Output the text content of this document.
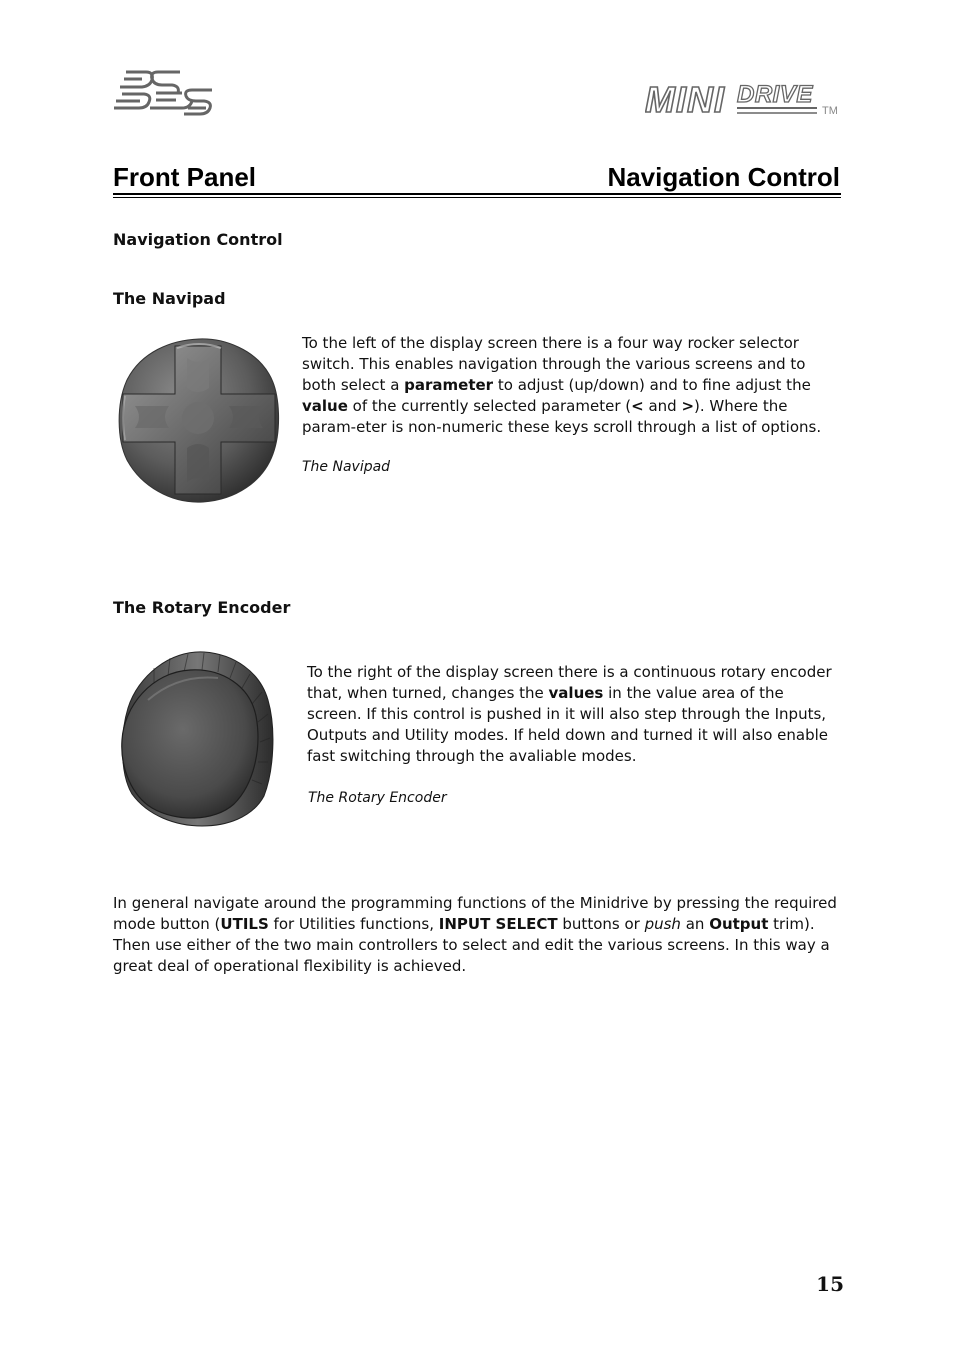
MINI DRIVE
TM
Front Panel	Navigation Control
Navigation Control
The Navipad
To the left of the display screen there is a four way rocker selector switch. This enables navigation through the various screens and to both select a parameter to adjust (up/down) and to fine adjust the value of the currently selected parameter (< and >). Where the param-eter is non-numeric these keys scroll through a list of options.
The Navipad
The Rotary Encoder
To the right of the display screen there is a continuous rotary encoder that, when turned, changes the values in the value area of the screen. If this control is pushed in it will also step through the Inputs, Outputs and Utility modes. If held down and turned it will also enable fast switching through the avaliable modes.
The Rotary Encoder
In general navigate around the programming functions of the Minidrive by pressing the required mode button (UTILS for Utilities functions, INPUT SELECT buttons or push an Output trim). Then use either of the two main controllers to select and edit the various screens. In this way a great deal of operational flexibility is achieved.
15
